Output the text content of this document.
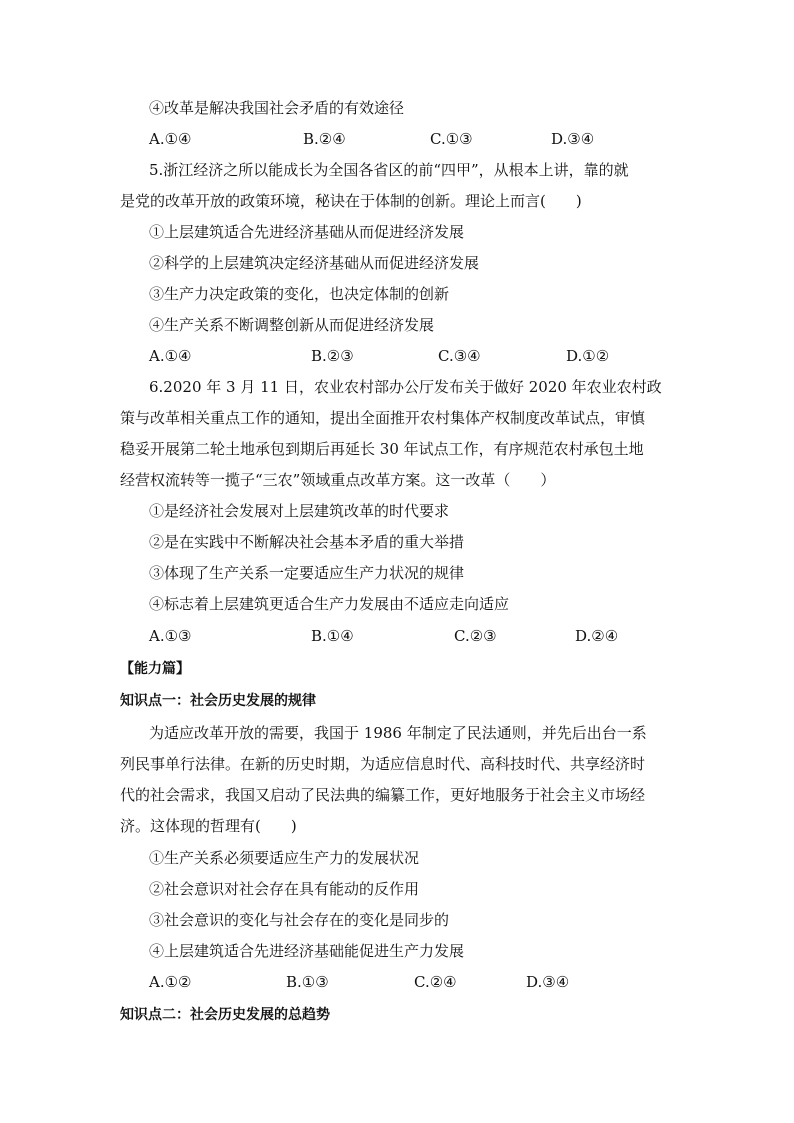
④改革是解决我国社会矛盾的有效途径
A.①④	B.②④	C.①③	D.③④
5.浙江经济之所以能成长为全国各省区的前“四甲”，从根本上讲，靠的就
是党的改革开放的政策环境，秘诀在于体制的创新。理论上而言(　　)
①上层建筑适合先进经济基础从而促进经济发展
②科学的上层建筑决定经济基础从而促进经济发展
③生产力决定政策的变化，也决定体制的创新
④生产关系不断调整创新从而促进经济发展
A.①④	B.②③	C.③④	D.①②
6.2020 年 3 月 11 日，农业农村部办公厅发布关于做好 2020 年农业农村政
策与改革相关重点工作的通知，提出全面推开农村集体产权制度改革试点，审慎
稳妥开展第二轮土地承包到期后再延长 30 年试点工作，有序规范农村承包土地
经营权流转等一揽子“三农”领域重点改革方案。这一改革（　　）
①是经济社会发展对上层建筑改革的时代要求
②是在实践中不断解决社会基本矛盾的重大举措
③体现了生产关系一定要适应生产力状况的规律
④标志着上层建筑更适合生产力发展由不适应走向适应
A.①③	B.①④	C.②③	D.②④
【能力篇】
知识点一：社会历史发展的规律
为适应改革开放的需要，我国于 1986 年制定了民法通则，并先后出台一系
列民事单行法律。在新的历史时期，为适应信息时代、高科技时代、共享经济时
代的社会需求，我国又启动了民法典的编纂工作，更好地服务于社会主义市场经
济。这体现的哲理有(　　)
①生产关系必须要适应生产力的发展状况
②社会意识对社会存在具有能动的反作用
③社会意识的变化与社会存在的变化是同步的
④上层建筑适合先进经济基础能促进生产力发展
A.①②	B.①③	C.②④	D.③④
知识点二：社会历史发展的总趋势
